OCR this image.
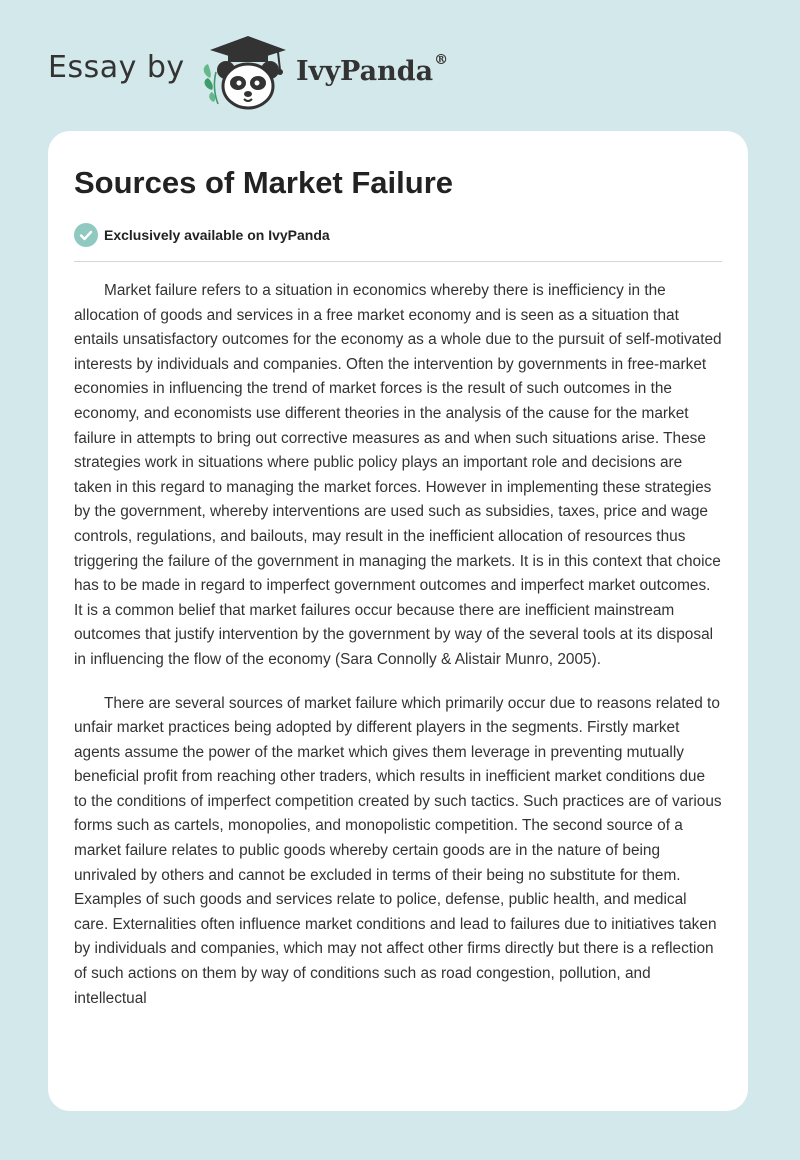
Essay by	IvyPanda®
Sources of Market Failure
Exclusively available on IvyPanda

Market failure refers to a situation in economics whereby there is inefficiency in the allocation of goods and services in a free market economy and is seen as a situation that entails unsatisfactory outcomes for the economy as a whole due to the pursuit of self-motivated interests by individuals and companies. Often the intervention by governments in free-market economies in influencing the trend of market forces is the result of such outcomes in the economy, and economists use different theories in the analysis of the cause for the market failure in attempts to bring out corrective measures as and when such situations arise. These strategies work in situations where public policy plays an important role and decisions are taken in this regard to managing the market forces. However in implementing these strategies by the government, whereby interventions are used such as subsidies, taxes, price and wage controls, regulations, and bailouts, may result in the inefficient allocation of resources thus triggering the failure of the government in managing the markets. It is in this context that choice has to be made in regard to imperfect government outcomes and imperfect market outcomes. It is a common belief that market failures occur because there are inefficient mainstream outcomes that justify intervention by the government by way of the several tools at its disposal in influencing the flow of the economy (Sara Connolly & Alistair Munro, 2005).

There are several sources of market failure which primarily occur due to reasons related to unfair market practices being adopted by different players in the segments. Firstly market agents assume the power of the market which gives them leverage in preventing mutually beneficial profit from reaching other traders, which results in inefficient market conditions due to the conditions of imperfect competition created by such tactics. Such practices are of various forms such as cartels, monopolies, and monopolistic competition. The second source of a market failure relates to public goods whereby certain goods are in the nature of being unrivaled by others and cannot be excluded in terms of their being no substitute for them. Examples of such goods and services relate to police, defense, public health, and medical care. Externalities often influence market conditions and lead to failures due to initiatives taken by individuals and companies, which may not affect other firms directly but there is a reflection of such actions on them by way of conditions such as road congestion, pollution, and intellectual
